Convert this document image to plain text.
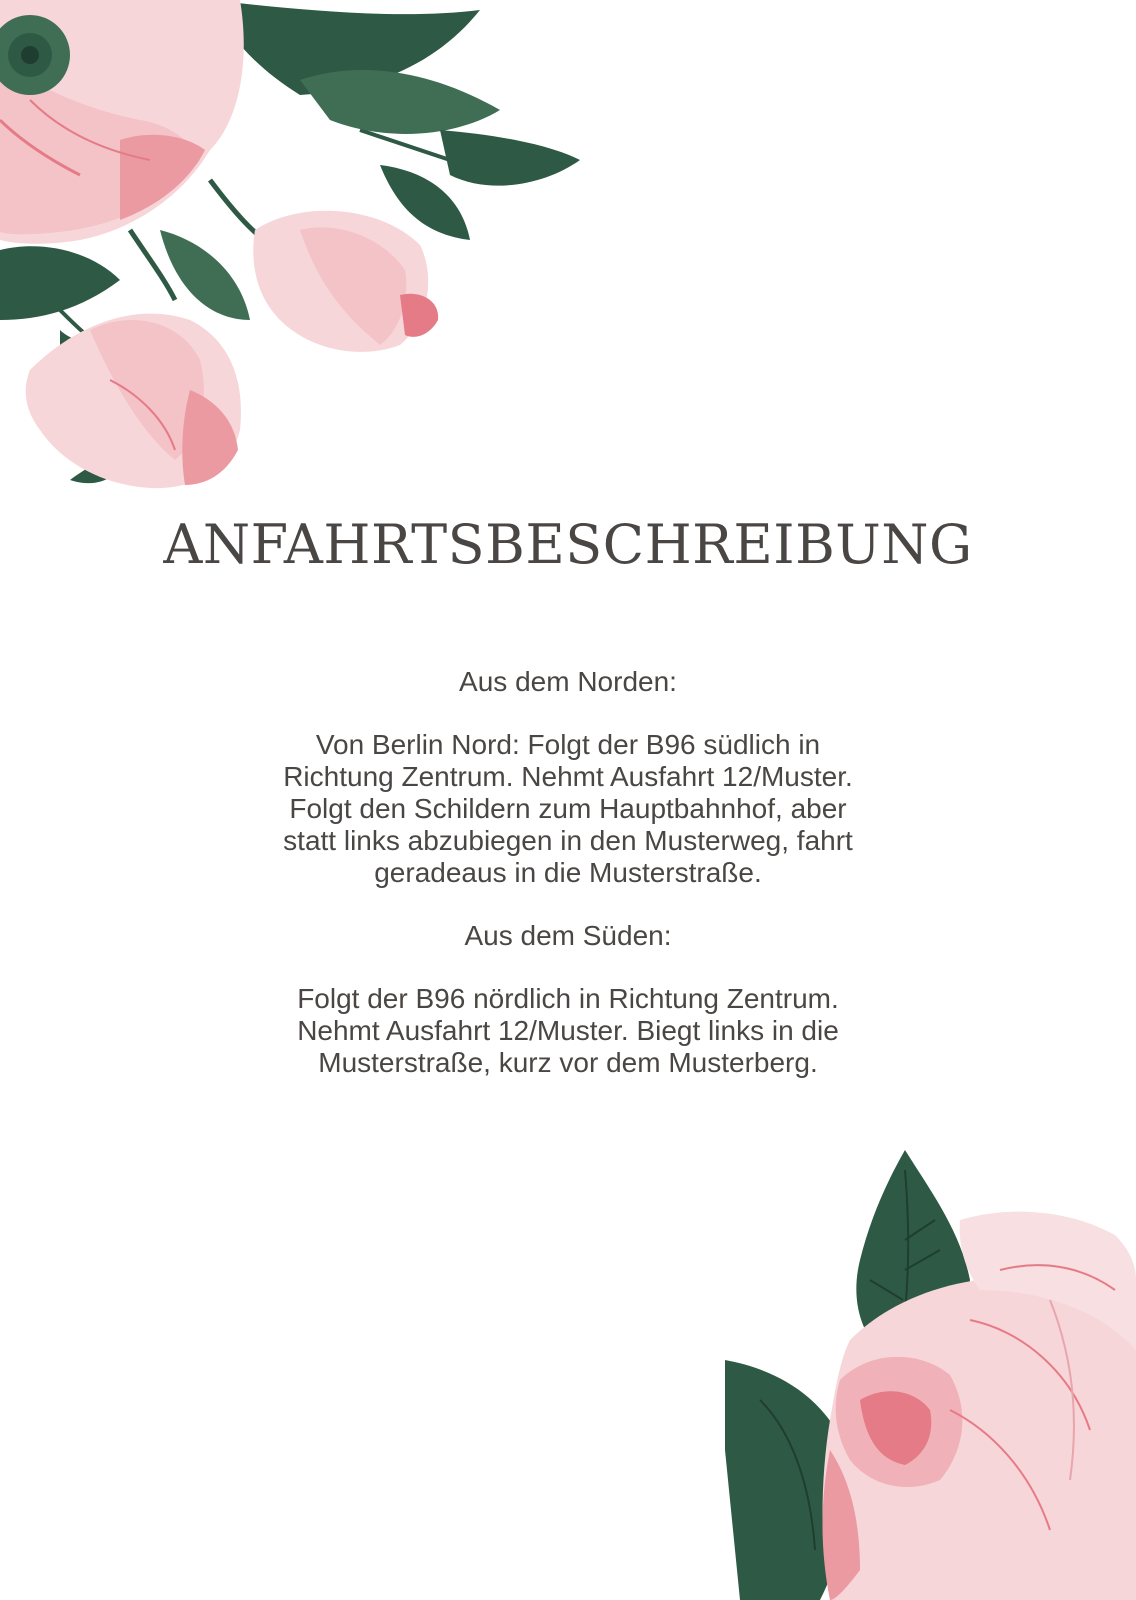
ANFAHRTSBESCHREIBUNG

Aus dem Norden:

Von Berlin Nord: Folgt der B96 südlich in

Richtung Zentrum. Nehmt Ausfahrt 12/Muster.

Folgt den Schildern zum Hauptbahnhof, aber

statt links abzubiegen in den Musterweg, fahrt

geradeaus in die Musterstraße.

Aus dem Süden:

Folgt der B96 nördlich in Richtung Zentrum.

Nehmt Ausfahrt 12/Muster. Biegt links in die

Musterstraße, kurz vor dem Musterberg.
